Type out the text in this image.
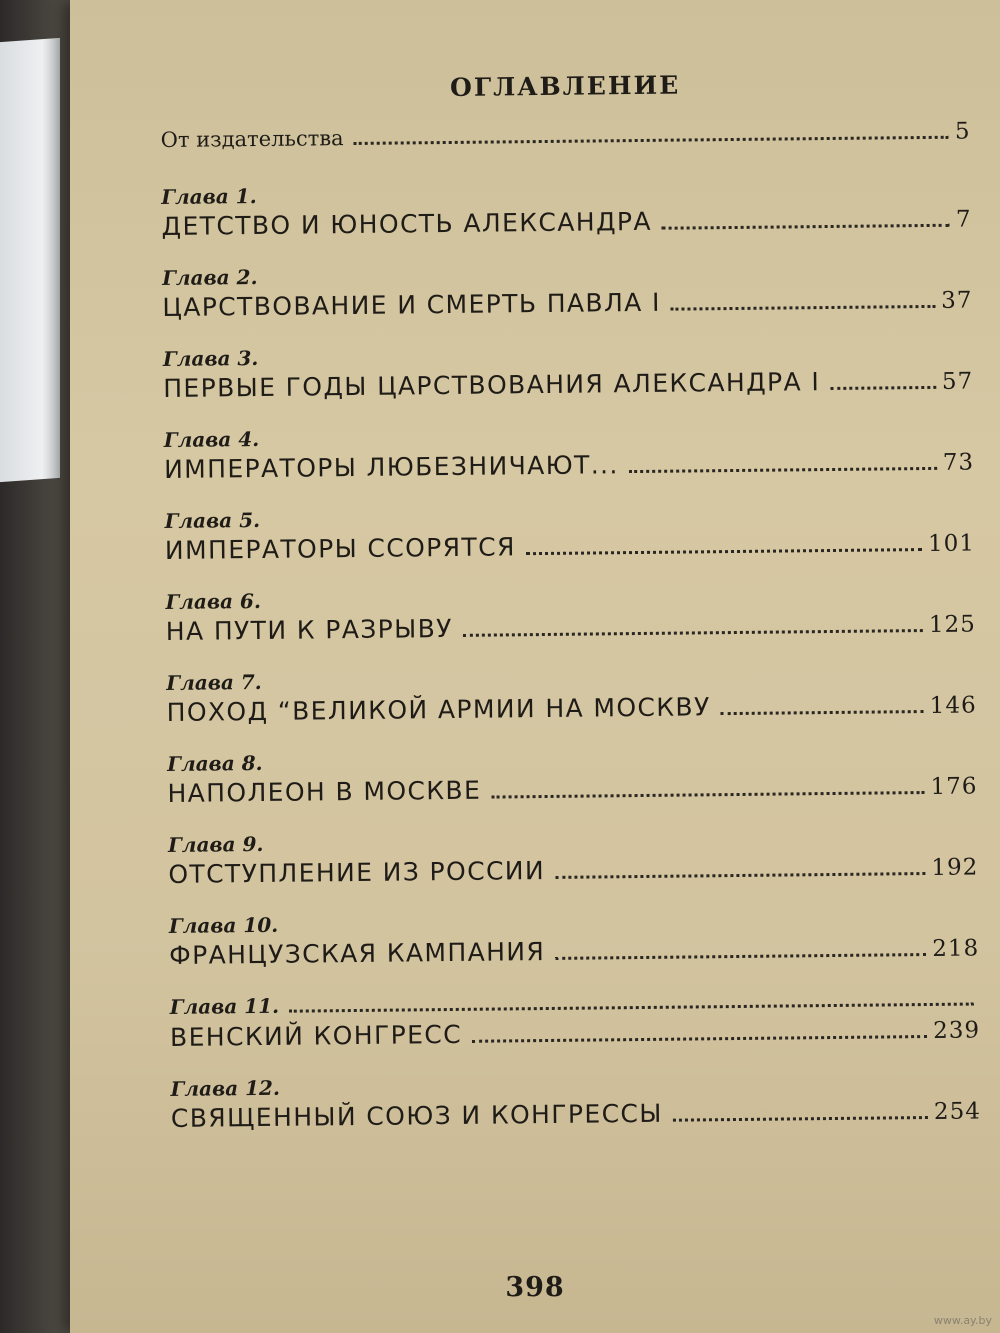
ОГЛАВЛЕНИЕ
От издательства	5
Глава 1.
ДЕТСТВО И ЮНОСТЬ АЛЕКСАНДРА	7
Глава 2.
ЦАРСТВОВАНИЕ И СМЕРТЬ ПАВЛА I	37
Глава 3.
ПЕРВЫЕ ГОДЫ ЦАРСТВОВАНИЯ АЛЕКСАНДРА I	57
Глава 4.
ИМПЕРАТОРЫ ЛЮБЕЗНИЧАЮТ...	73
Глава 5.
ИМПЕРАТОРЫ ССОРЯТСЯ	101
Глава 6.
НА ПУТИ К РАЗРЫВУ	125
Глава 7.
ПОХОД “ВЕЛИКОЙ АРМИИ НА МОСКВУ	146
Глава 8.
НАПОЛЕОН В МОСКВЕ	176
Глава 9.
ОТСТУПЛЕНИЕ ИЗ РОССИИ	192
Глава 10.
ФРАНЦУЗСКАЯ КАМПАНИЯ	218
Глава 11.
ВЕНСКИЙ КОНГРЕСС	239
Глава 12.
СВЯЩЕННЫЙ СОЮЗ И КОНГРЕССЫ	254
398
www.ay.by
